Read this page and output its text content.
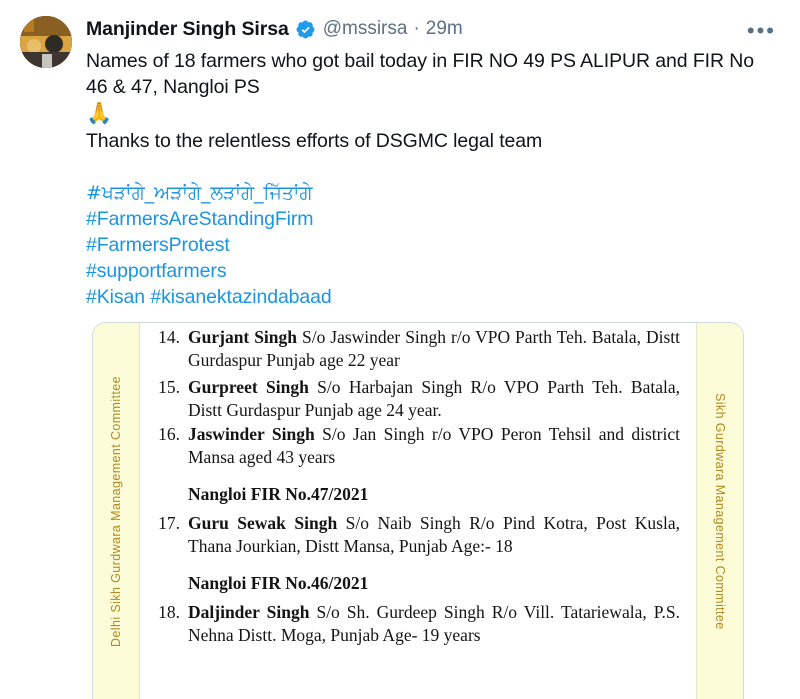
Manjinder Singh Sirsa @mssirsa · 29m

Names of 18 farmers who got bail today in FIR NO 49 PS ALIPUR and FIR No

46 & 47, Nangloi PS

🙏

Thanks to the relentless efforts of DSGMC legal team

#ਖੜਾਂਗੇ_ਅੜਾਂਗੇ_ਲੜਾਂਗੇ_ਜਿੱਤਾਂਗੇ
#FarmersAreStandingFirm
#FarmersProtest
#supportfarmers
#Kisan #kisanektazindabaad
•••
Delhi Sikh Gurdwara Management Committee	Sikh Gurdwara Management Committee
14. Gurjant Singh S/o Jaswinder Singh r/o VPO Parth Teh. Batala, Distt Gurdaspur Punjab age 22 year
15. Gurpreet Singh S/o Harbajan Singh R/o VPO Parth Teh. Batala, Distt Gurdaspur Punjab age 24 year.
16. Jaswinder Singh S/o Jan Singh r/o VPO Peron Tehsil and district Mansa aged 43 years
Nangloi FIR No.47/2021
17. Guru Sewak Singh S/o Naib Singh R/o Pind Kotra, Post Kusla, Thana Jourkian, Distt Mansa, Punjab Age:- 18
Nangloi FIR No.46/2021
18. Daljinder Singh S/o Sh. Gurdeep Singh R/o Vill. Tatariewala, P.S. Nehna Distt. Moga, Punjab Age- 19 years
